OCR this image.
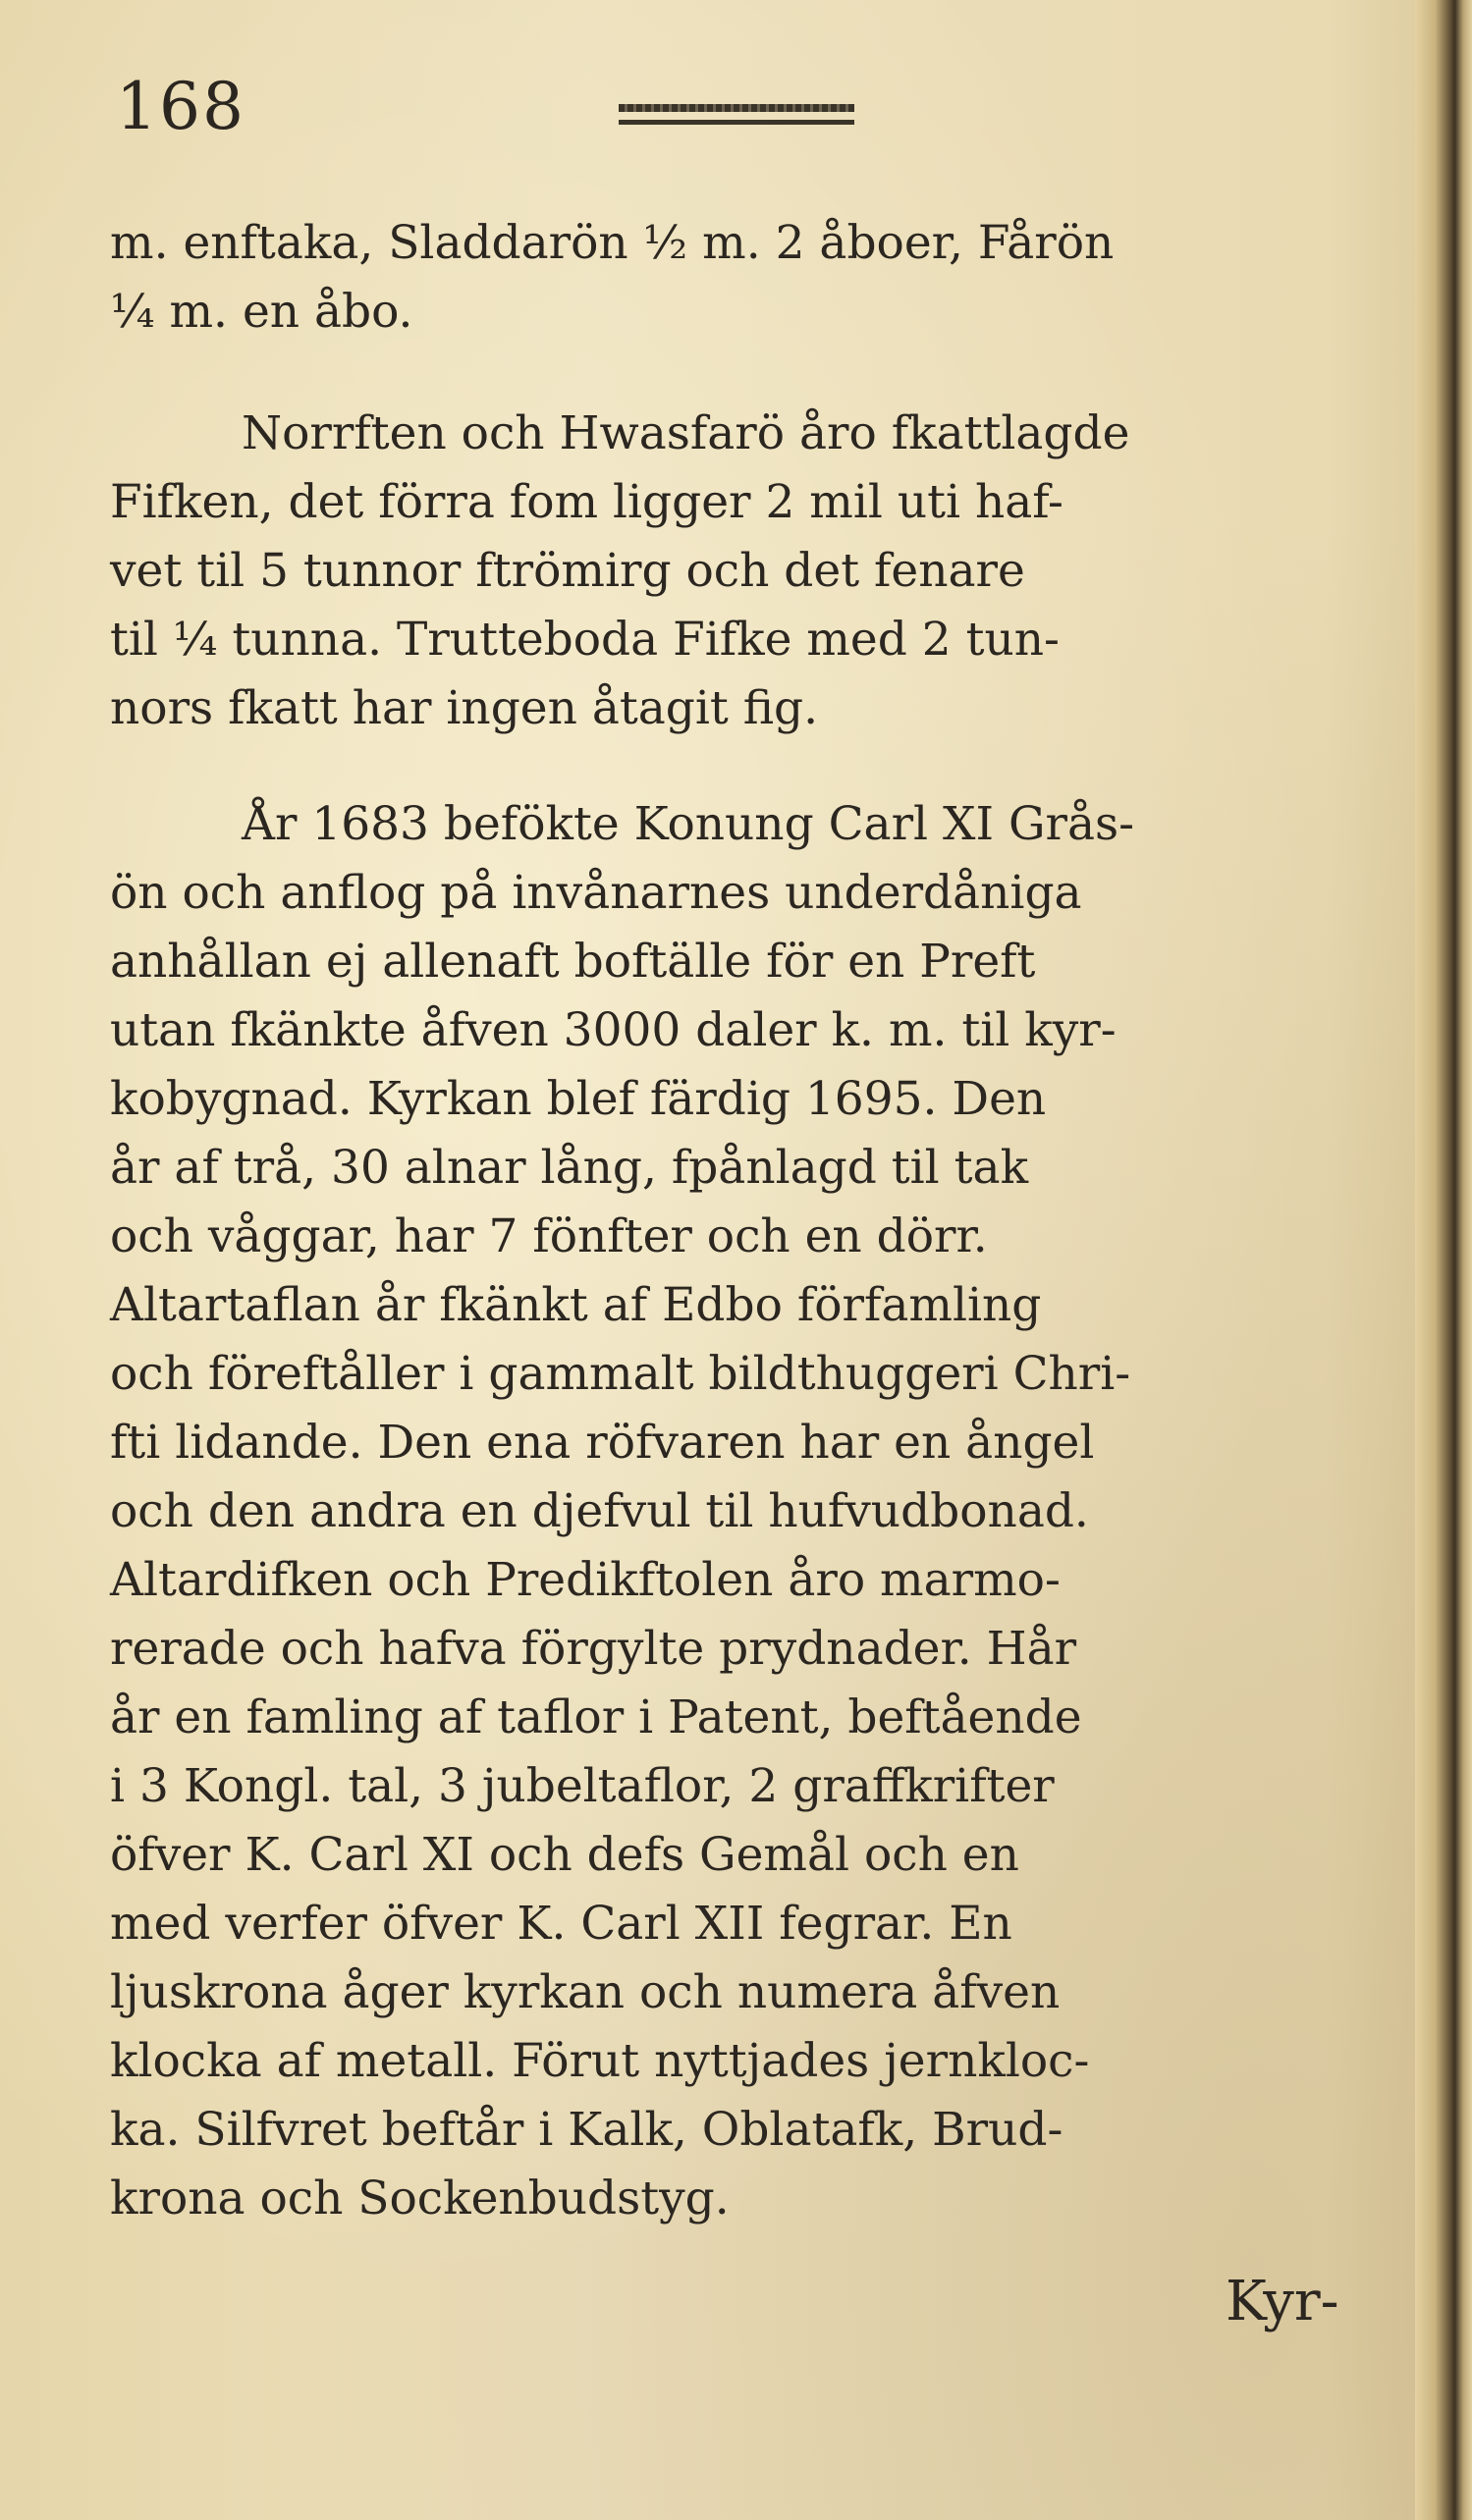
168
m. enftaka, Sladdarön ½ m. 2 åboer, Fårön
¼ m. en åbo.
Norrften och Hwasfarö åro fkattlagde
Fifken, det förra fom ligger 2 mil uti haf-
vet til 5 tunnor ftrömirg och det fenare
til ¼ tunna. Trutteboda Fifke med 2 tun-
nors fkatt har ingen åtagit fig.
År 1683 befökte Konung Carl XI Grås-
ön och anflog på invånarnes underdåniga
anhållan ej allenaft boftälle för en Preft
utan fkänkte åfven 3000 daler k. m. til kyr-
kobygnad. Kyrkan blef färdig 1695. Den
år af trå, 30 alnar lång, fpånlagd til tak
och våggar, har 7 fönfter och en dörr.
Altartaflan år fkänkt af Edbo förfamling
och föreftåller i gammalt bildthuggeri Chri-
fti lidande. Den ena röfvaren har en ångel
och den andra en djefvul til hufvudbonad.
Altardifken och Predikftolen åro marmo-
rerade och hafva förgylte prydnader. Hår
år en famling af taflor i Patent, beftående
i 3 Kongl. tal, 3 jubeltaflor, 2 graffkrifter
öfver K. Carl XI och defs Gemål och en
med verfer öfver K. Carl XII fegrar. En
ljuskrona åger kyrkan och numera åfven
klocka af metall. Förut nyttjades jernkloc-
ka. Silfvret beftår i Kalk, Oblatafk, Brud-
krona och Sockenbudstyg.
Kyr-
